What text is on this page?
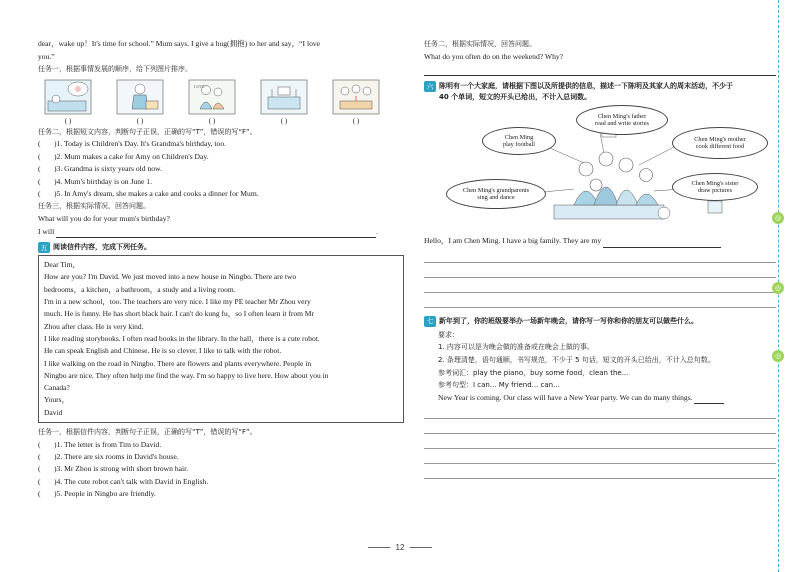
dear，wake up！It's time for school.” Mum says. I give a hug(拥抱) to her and say，“I love
you.”
任务一，根据事情发展的顺序，给下列图片排序。
( )	( )
LOVE
( )	( )	( )
任务二，根据短文内容，判断句子正误，正确的写“T”，错误的写“F”。
(	)1. Today is Children's Day. It's Grandma's birthday, too.
(	)2. Mum makes a cake for Amy on Children's Day.
(	)3. Grandma is sixty years old now.
(	)4. Mum's birthday is on June 1.
(	)5. In Amy's dream, she makes a cake and cooks a dinner for Mum.
任务三，根据实际情况，回答问题。
What will you do for your mum's birthday?
I will	.
五 阅读信件内容，完成下列任务。
Dear Tim，
How are you? I'm David. We just moved into a new house in Ningbo. There are two
bedrooms，a kitchen，a bathroom，a study and a living room.
I'm in a new school，too. The teachers are very nice. I like my PE teacher Mr Zhou very
much. He is funny. He has short black hair. I can't do kung fu，so I often learn it from Mr
Zhou after class. He is very kind.
I like reading storybooks. I often read books in the library. In the hall，there is a cute robot.
He can speak English and Chinese. He is so clever. I like to talk with the robot.
I like walking on the road in Ningbo. There are flowers and plants everywhere. People in
Ningbo are nice. They often help me find the way. I'm so happy to live here. How about you in
Canada?
Yours，
David
任务一，根据信件内容，判断句子正误，正确的写“T”，错误的写“F”。
(	)1. The letter is from Tim to David.
(	)2. There are six rooms in David's house.
(	)3. Mr Zhou is strong with short brown hair.
(	)4. The cute robot can't talk with David in English.
(	)5. People in Ningbo are friendly.
任务二，根据实际情况，回答问题。
What do you often do on the weekend? Why?
六 陈明有一个大家庭，请根据下图以及所提供的信息，描述一下陈明及其家人的周末活动，不少于
40 个单词，短文的开头已给出，不计入总词数。
Chen Ming's father
read and write stories
Chen Ming
play football
Chen Ming's mother
cook different food
Chen Ming's grandparents
sing and dance
Chen Ming's sister
draw pictures
Hello，I am Chen Ming. I have a big family. They are my
七 新年到了，你的班级要举办一场新年晚会，请你写一写你和你的朋友可以做些什么。
要求：
1. 内容可以是为晚会做的准备或在晚会上做的事。
2. 条理清楚，语句通顺，书写规范，不少于 5 句话，短文的开头已给出，不计入总句数。
参考词汇：play the piano，buy some food，clean the...
参考句型：I can... My friend... can...
New Year is coming. Our class will have a New Year party. We can do many things.
◎
◎
◎
12
